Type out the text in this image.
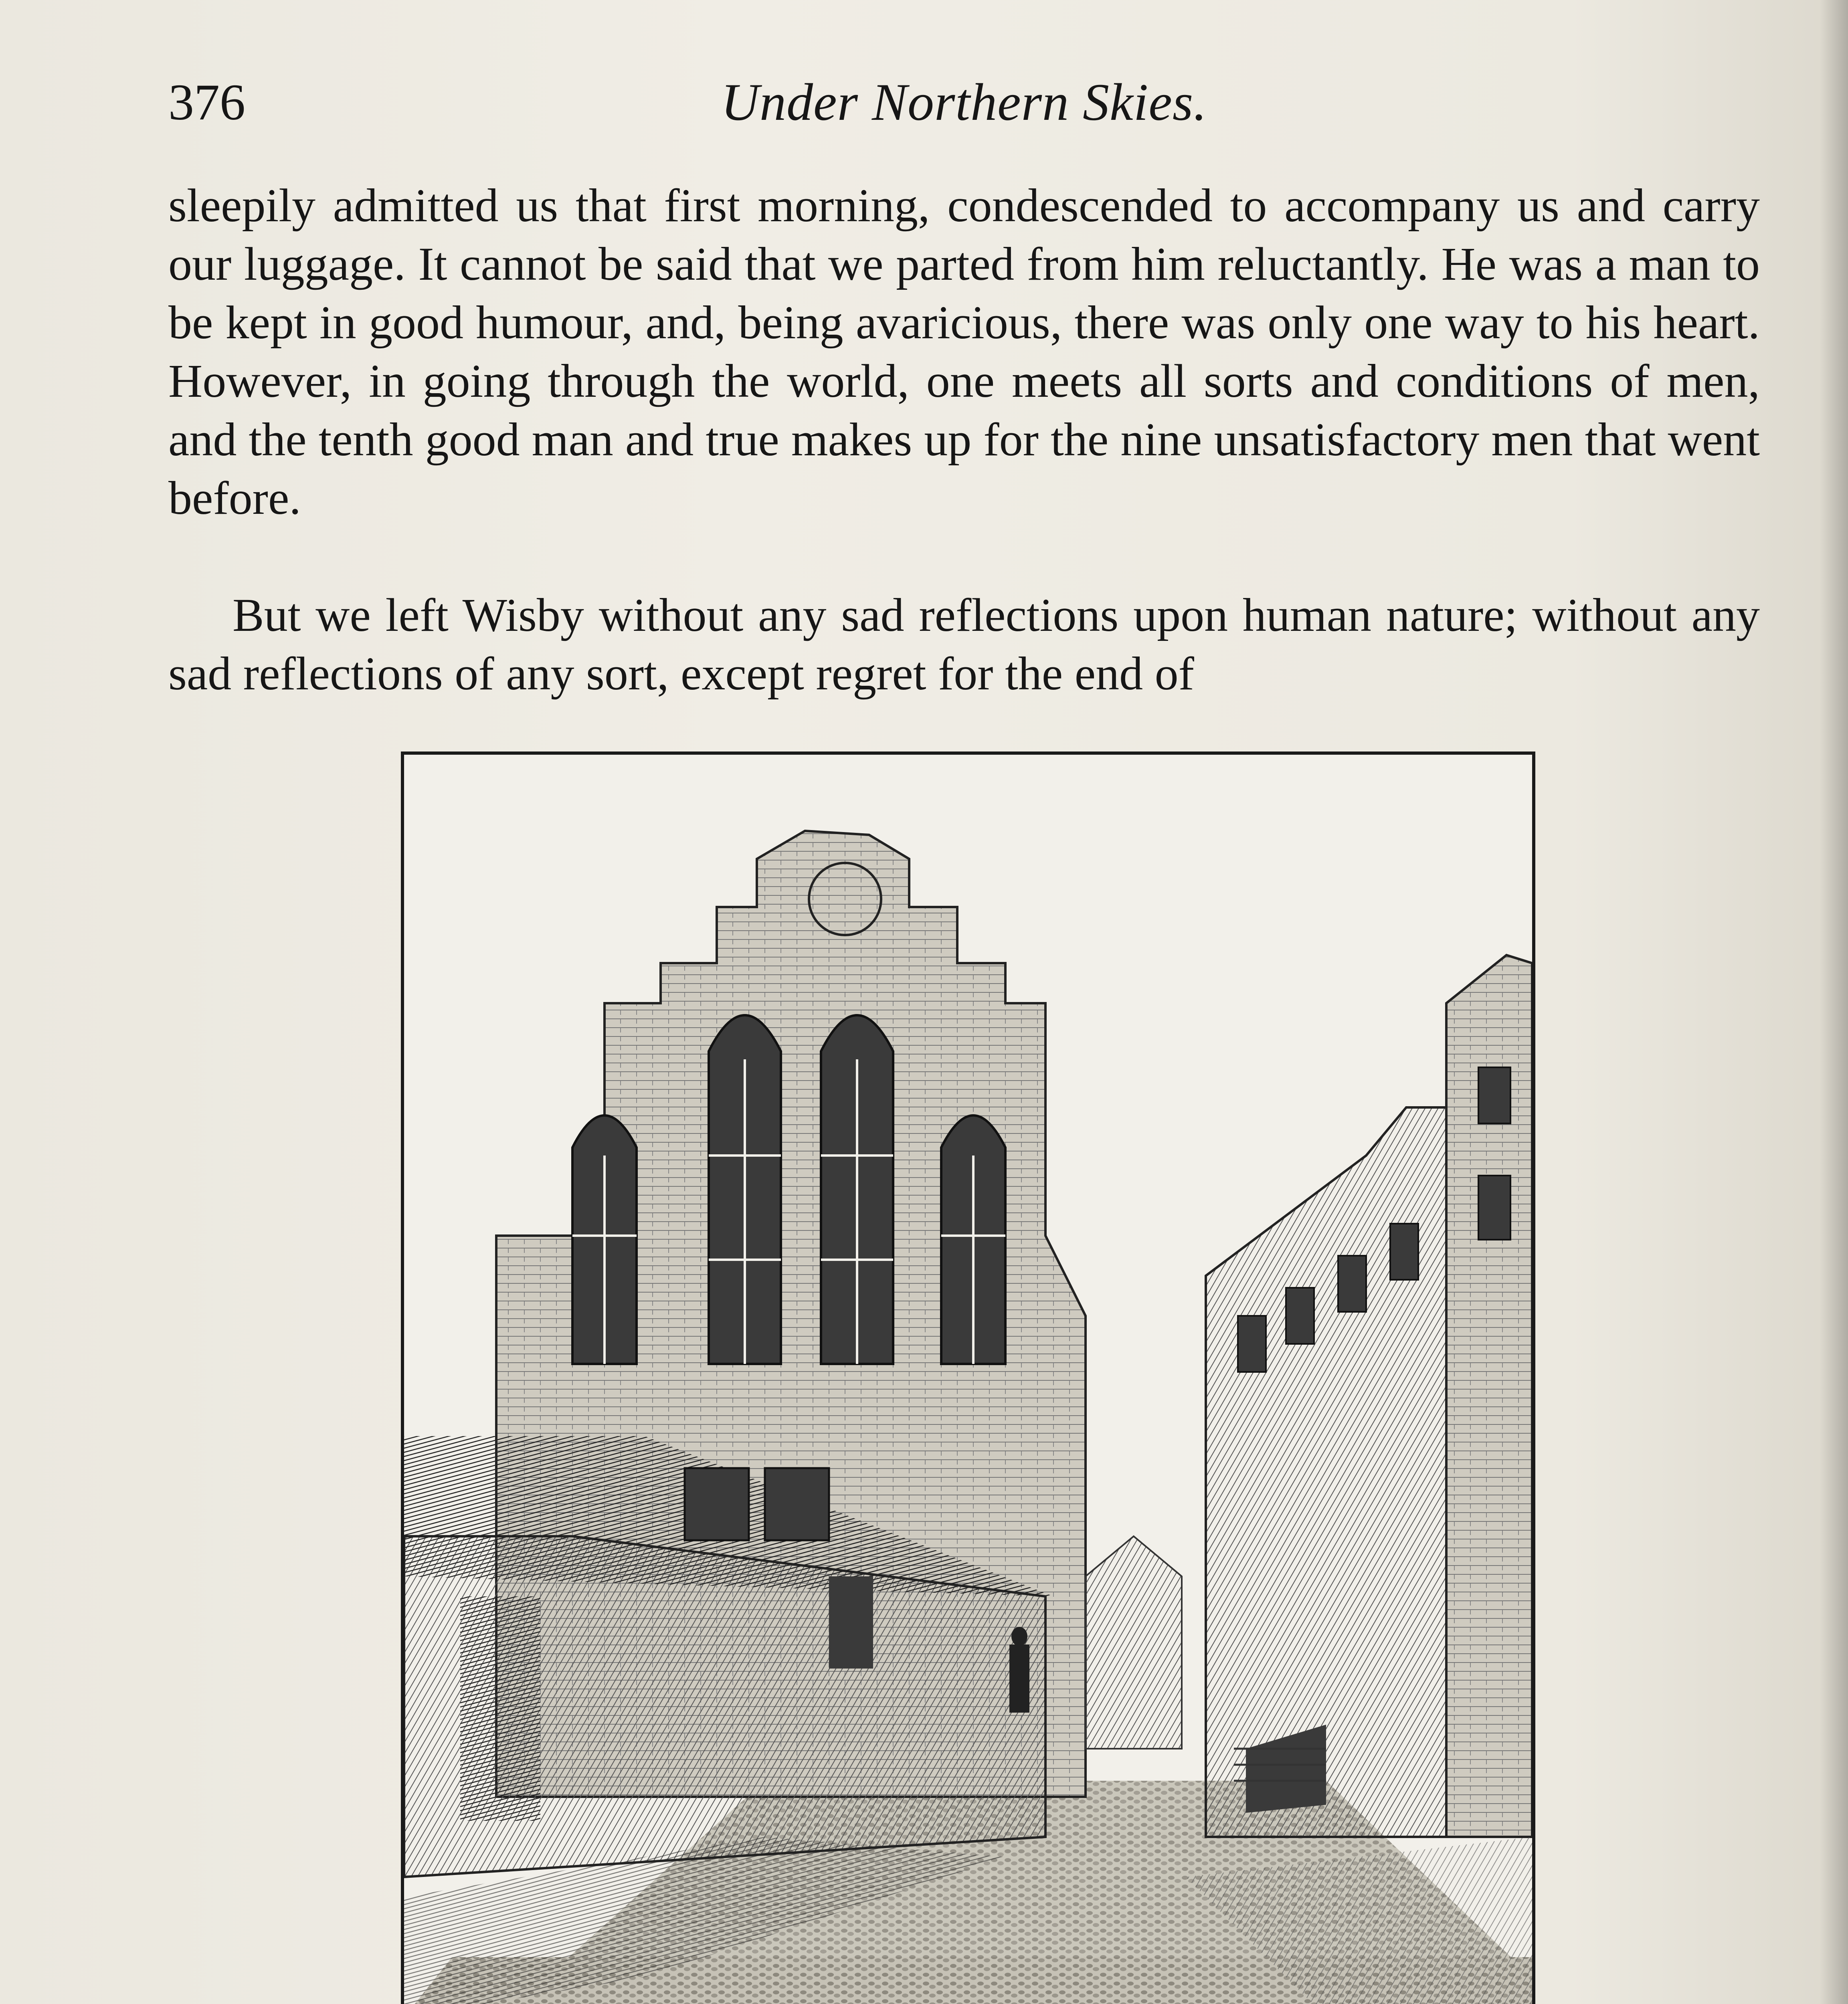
376	Under Northern Skies.

sleepily admitted us that first morning, condescended to accompany us and carry our luggage. It cannot be said that we parted from him reluctantly. He was a man to be kept in good humour, and, being avaricious, there was only one way to his heart. However, in going through the world, one meets all sorts and conditions of men, and the tenth good man and true makes up for the nine unsatisfactory men that went before.

But we left Wisby without any sad reflections upon human nature; without any sad reflections of any sort, except regret for the end of
